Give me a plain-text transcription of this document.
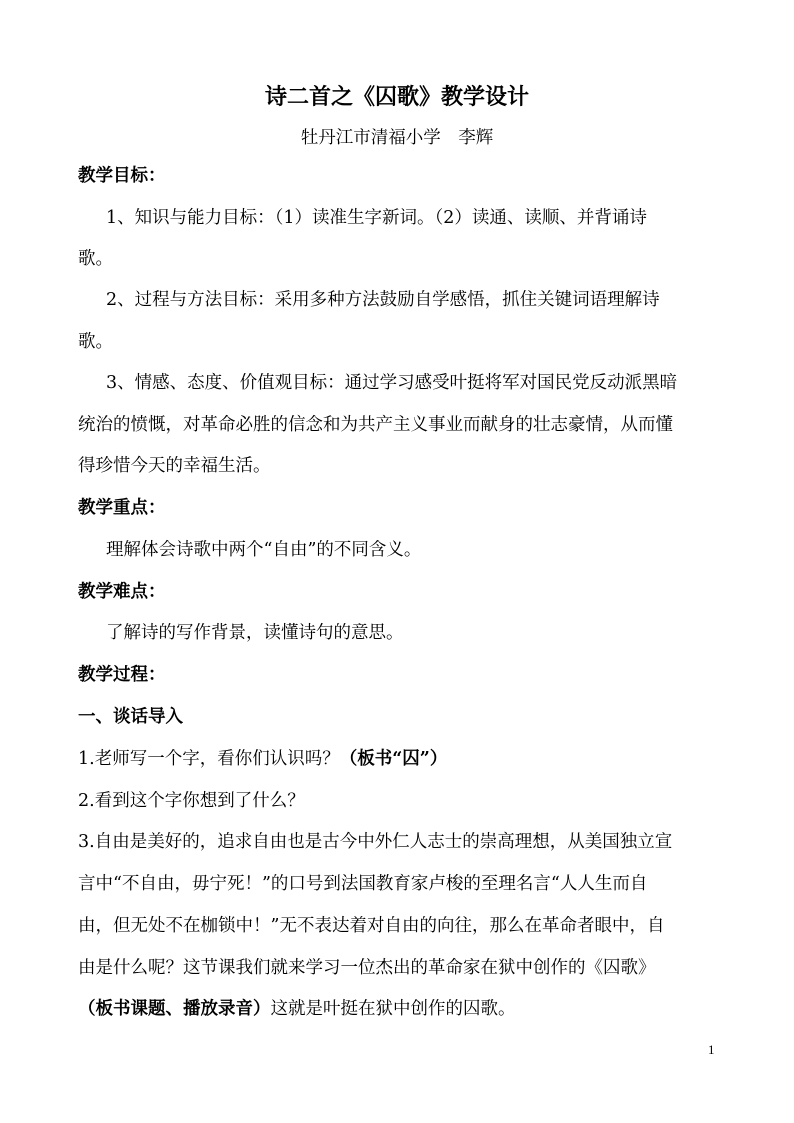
诗二首之《囚歌》教学设计
牡丹江市清福小学　李辉
教学目标：
1、知识与能力目标：（1）读准生字新词。（2）读通、读顺、并背诵诗
歌。
2、过程与方法目标：采用多种方法鼓励自学感悟，抓住关键词语理解诗
歌。
3、情感、态度、价值观目标：通过学习感受叶挺将军对国民党反动派黑暗
统治的愤慨，对革命必胜的信念和为共产主义事业而献身的壮志豪情，从而懂
得珍惜今天的幸福生活。
教学重点：
理解体会诗歌中两个“自由”的不同含义。
教学难点：
了解诗的写作背景，读懂诗句的意思。
教学过程：
一、谈话导入
1.老师写一个字，看你们认识吗？（板书“囚”）
2.看到这个字你想到了什么？
3.自由是美好的，追求自由也是古今中外仁人志士的崇高理想，从美国独立宣
言中“不自由，毋宁死！”的口号到法国教育家卢梭的至理名言“人人生而自
由，但无处不在枷锁中！”无不表达着对自由的向往，那么在革命者眼中，自
由是什么呢？这节课我们就来学习一位杰出的革命家在狱中创作的《囚歌》
（板书课题、播放录音）这就是叶挺在狱中创作的囚歌。
1
